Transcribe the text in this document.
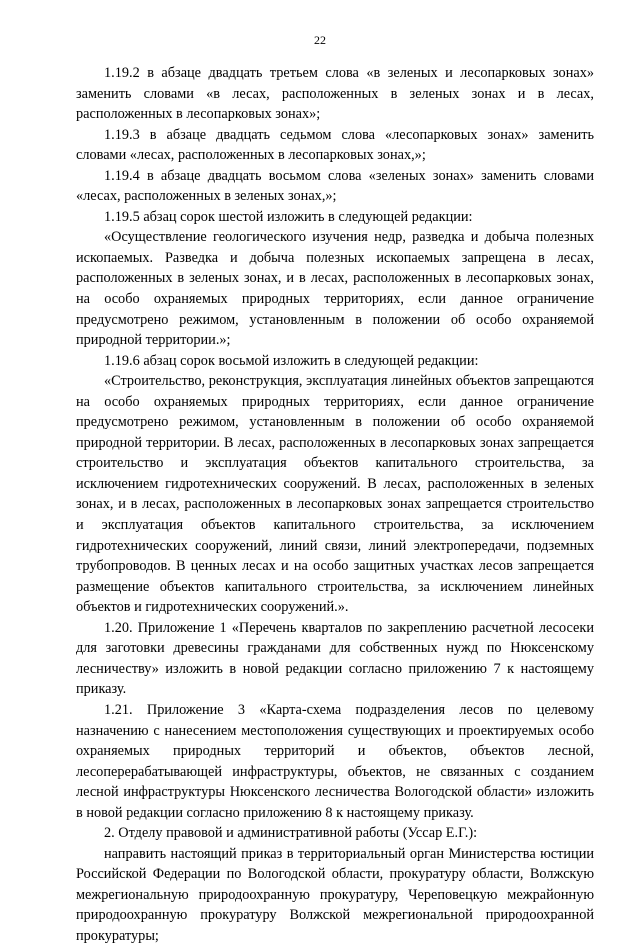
22

1.19.2 в абзаце двадцать третьем слова «в зеленых и лесопарковых зонах» заменить словами «в лесах, расположенных в зеленых зонах и в лесах, расположенных в лесопарковых зонах»;

1.19.3 в абзаце двадцать седьмом слова «лесопарковых зонах» заменить словами «лесах, расположенных в лесопарковых зонах,»;

1.19.4 в абзаце двадцать восьмом слова «зеленых зонах» заменить словами «лесах, расположенных в зеленых зонах,»;

1.19.5 абзац сорок шестой изложить в следующей редакции:

«Осуществление геологического изучения недр, разведка и добыча полезных ископаемых. Разведка и добыча полезных ископаемых запрещена в лесах, расположенных в зеленых зонах, и в лесах, расположенных в лесопарковых зонах, на особо охраняемых природных территориях, если данное ограничение предусмотрено режимом, установленным в положении об особо охраняемой природной территории.»;

1.19.6 абзац сорок восьмой изложить в следующей редакции:

«Строительство, реконструкция, эксплуатация линейных объектов запрещаются на особо охраняемых природных территориях, если данное ограничение предусмотрено режимом, установленным в положении об особо охраняемой природной территории. В лесах, расположенных в лесопарковых зонах запрещается строительство и эксплуатация объектов капитального строительства, за исключением гидротехнических сооружений. В лесах, расположенных в зеленых зонах, и в лесах, расположенных в лесопарковых зонах запрещается строительство и эксплуатация объектов капитального строительства, за исключением гидротехнических сооружений, линий связи, линий электропередачи, подземных трубопроводов. В ценных лесах и на особо защитных участках лесов запрещается размещение объектов капитального строительства, за исключением линейных объектов и гидротехнических сооружений.».

1.20. Приложение 1 «Перечень кварталов по закреплению расчетной лесосеки для заготовки древесины гражданами для собственных нужд по Нюксенскому лесничеству» изложить в новой редакции согласно приложению 7 к настоящему приказу.

1.21. Приложение 3 «Карта-схема подразделения лесов по целевому назначению с нанесением местоположения существующих и проектируемых особо охраняемых природных территорий и объектов, объектов лесной, лесоперерабатывающей инфраструктуры, объектов, не связанных с созданием лесной инфраструктуры Нюксенского лесничества Вологодской области» изложить в новой редакции согласно приложению 8 к настоящему приказу.

2. Отделу правовой и административной работы (Уссар Е.Г.):

направить настоящий приказ в территориальный орган Министерства юстиции Российской Федерации по Вологодской области, прокуратуру области, Волжскую межрегиональную природоохранную прокуратуру, Череповецкую межрайонную природоохранную прокуратуру Волжской межрегиональной природоохранной прокуратуры;
